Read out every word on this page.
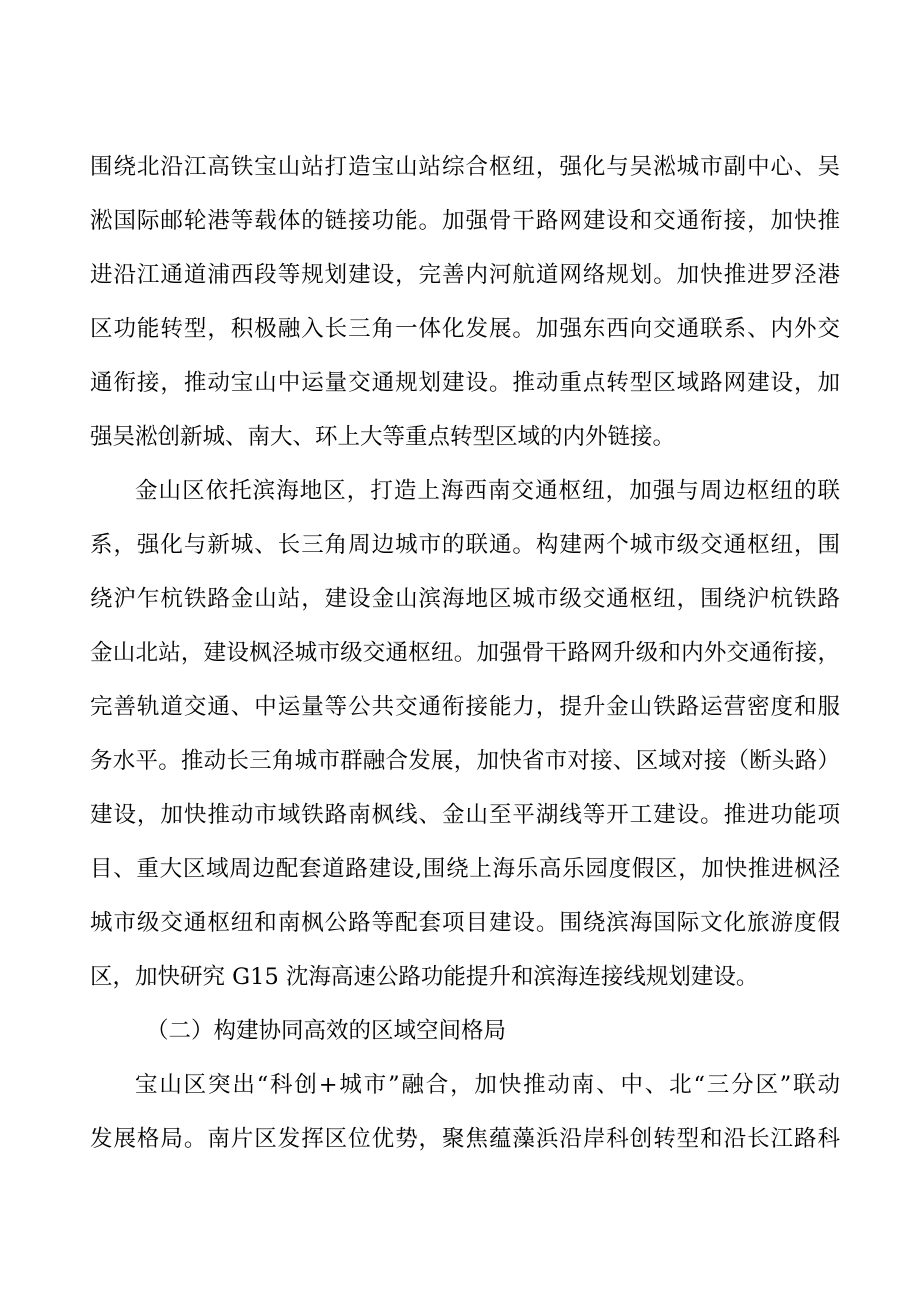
围绕北沿江高铁宝山站打造宝山站综合枢纽，强化与吴淞城市副中心、吴
淞国际邮轮港等载体的链接功能。加强骨干路网建设和交通衔接，加快推
进沿江通道浦西段等规划建设，完善内河航道网络规划。加快推进罗泾港
区功能转型，积极融入长三角一体化发展。加强东西向交通联系、内外交
通衔接，推动宝山中运量交通规划建设。推动重点转型区域路网建设，加
强吴淞创新城、南大、环上大等重点转型区域的内外链接。
金山区依托滨海地区，打造上海西南交通枢纽，加强与周边枢纽的联
系，强化与新城、长三角周边城市的联通。构建两个城市级交通枢纽，围
绕沪乍杭铁路金山站，建设金山滨海地区城市级交通枢纽，围绕沪杭铁路
金山北站，建设枫泾城市级交通枢纽。加强骨干路网升级和内外交通衔接，
完善轨道交通、中运量等公共交通衔接能力，提升金山铁路运营密度和服
务水平。推动长三角城市群融合发展，加快省市对接、区域对接（断头路）
建设，加快推动市域铁路南枫线、金山至平湖线等开工建设。推进功能项
目、重大区域周边配套道路建设,围绕上海乐高乐园度假区，加快推进枫泾
城市级交通枢纽和南枫公路等配套项目建设。围绕滨海国际文化旅游度假
区，加快研究 G15 沈海高速公路功能提升和滨海连接线规划建设。
（二）构建协同高效的区域空间格局
宝山区突出“科创+城市”融合，加快推动南、中、北“三分区”联动
发展格局。南片区发挥区位优势，聚焦蕴藻浜沿岸科创转型和沿长江路科
